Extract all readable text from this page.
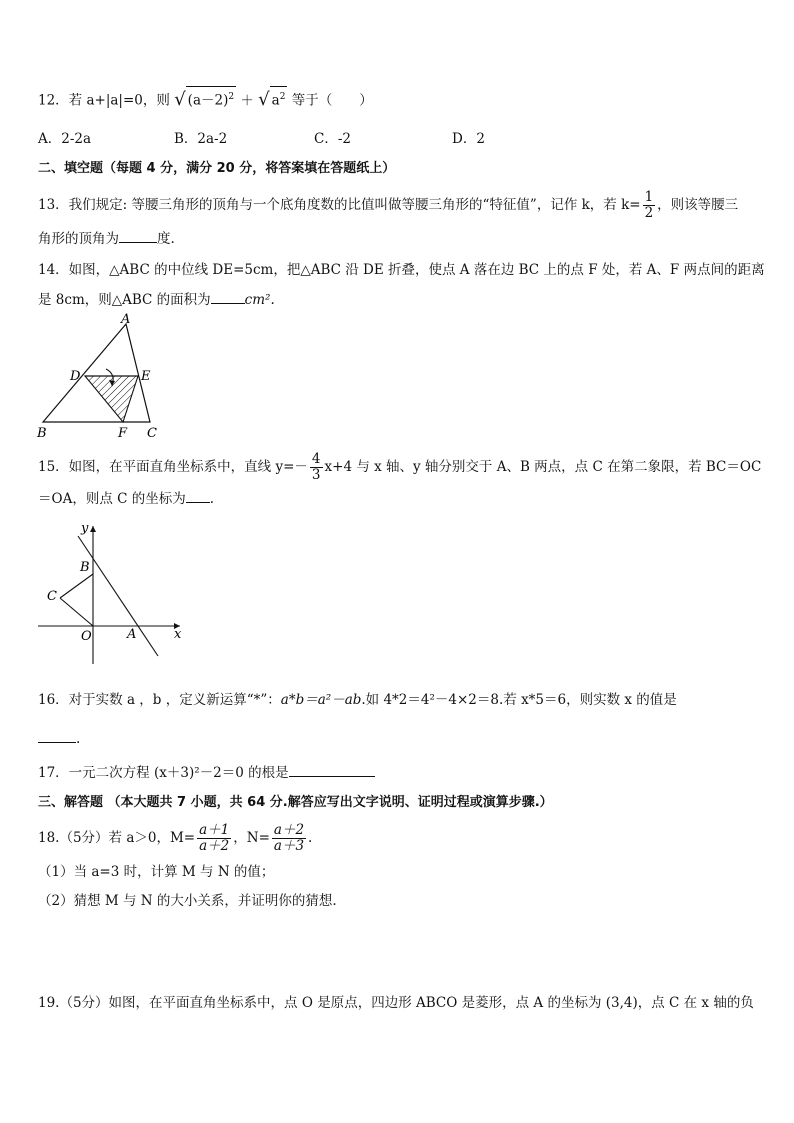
12．若 a+|a|=0，则 √ $(a-2)^2$ ＋ √ $a^2$ 等于（　　）
A．2-2a	B．2a-2	C．-2	D．2
二、填空题（每题 4 分，满分 20 分，将答案填在答题纸上）
13．我们规定: 等腰三角形的顶角与一个底角度数的比值叫做等腰三角形的“特征值”，记作 k，若 $k= \frac{1}{2}$ ，则该等腰三
角形的顶角为	度.
14．如图，△ABC 的中位线 DE=5cm，把△ABC 沿 DE 折叠，使点 A 落在边 BC 上的点 F 处，若 A、F 两点间的距离
是 8cm，则△ABC 的面积为	cm².
A
D	E
B	F C
15．如图，在平面直角坐标系中，直线 $y=- \frac{4}{3} x+4$ 与 x 轴、y 轴分别交于 A、B 两点，点 C 在第二象限，若 BC＝OC
＝OA，则点 C 的坐标为 .
y
x
B
C
O	A
16．对于实数 a ，b ，定义新运算“*”：a*b＝a²－ab.如 4*2＝4²－4×2＝8.若 x*5＝6，则实数 x 的值是
.
17．一元二次方程 (x＋3)²－2＝0 的根是
三、解答题 （本大题共 7 小题，共 64 分.解答应写出文字说明、证明过程或演算步骤.）
18.（5分）若 a＞0，$M= \frac{a+1}{a+2}$ ，$N= \frac{a+2}{a+3}$ .
（1）当 a=3 时，计算 M 与 N 的值；
（2）猜想 M 与 N 的大小关系，并证明你的猜想.
19.（5分）如图，在平面直角坐标系中，点 O 是原点，四边形 ABCO 是菱形，点 A 的坐标为 (3,4)，点 C 在 x 轴的负
